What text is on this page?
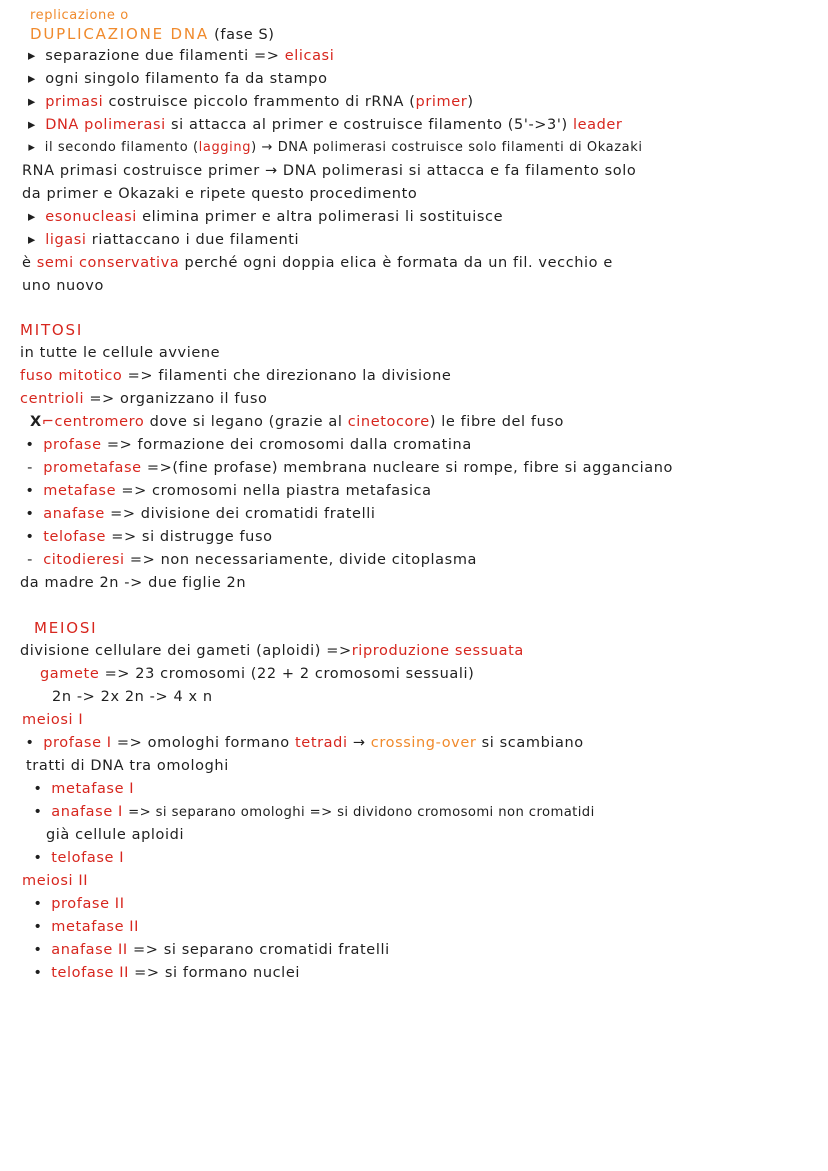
replicazione o
DUPLICAZIONE DNA (fase S)
▸ separazione due filamenti => elicasi
▸ ogni singolo filamento fa da stampo
▸ primasi costruisce piccolo frammento di rRNA (primer)
▸ DNA polimerasi si attacca al primer e costruisce filamento (5'->3') leader
▸ il secondo filamento (lagging) → DNA polimerasi costruisce solo filamenti di Okazaki
RNA primasi costruisce primer → DNA polimerasi si attacca e fa filamento solo
da primer e Okazaki e ripete questo procedimento
▸ esonucleasi elimina primer e altra polimerasi li sostituisce
▸ ligasi riattaccano i due filamenti
è semi conservativa perché ogni doppia elica è formata da un fil. vecchio e
uno nuovo
MITOSI
in tutte le cellule avviene
fuso mitotico => filamenti che direzionano la divisione
centrioli => organizzano il fuso
X⌐centromero dove si legano (grazie al cinetocore) le fibre del fuso
• profase => formazione dei cromosomi dalla cromatina
- prometafase =>(fine profase) membrana nucleare si rompe, fibre si agganciano
• metafase => cromosomi nella piastra metafasica
• anafase => divisione dei cromatidi fratelli
• telofase => si distrugge fuso
- citodieresi => non necessariamente, divide citoplasma
da madre 2n -> due figlie 2n
MEIOSI
divisione cellulare dei gameti (aploidi) =>riproduzione sessuata
gamete => 23 cromosomi (22 + 2 cromosomi sessuali)
2n -> 2x 2n -> 4 x n
meiosi I
• profase I => omologhi formano tetradi → crossing-over si scambiano
tratti di DNA tra omologhi
• metafase I
• anafase I => si separano omologhi => si dividono cromosomi non cromatidi
già cellule aploidi
• telofase I
meiosi II
• profase II
• metafase II
• anafase II => si separano cromatidi fratelli
• telofase II => si formano nuclei
